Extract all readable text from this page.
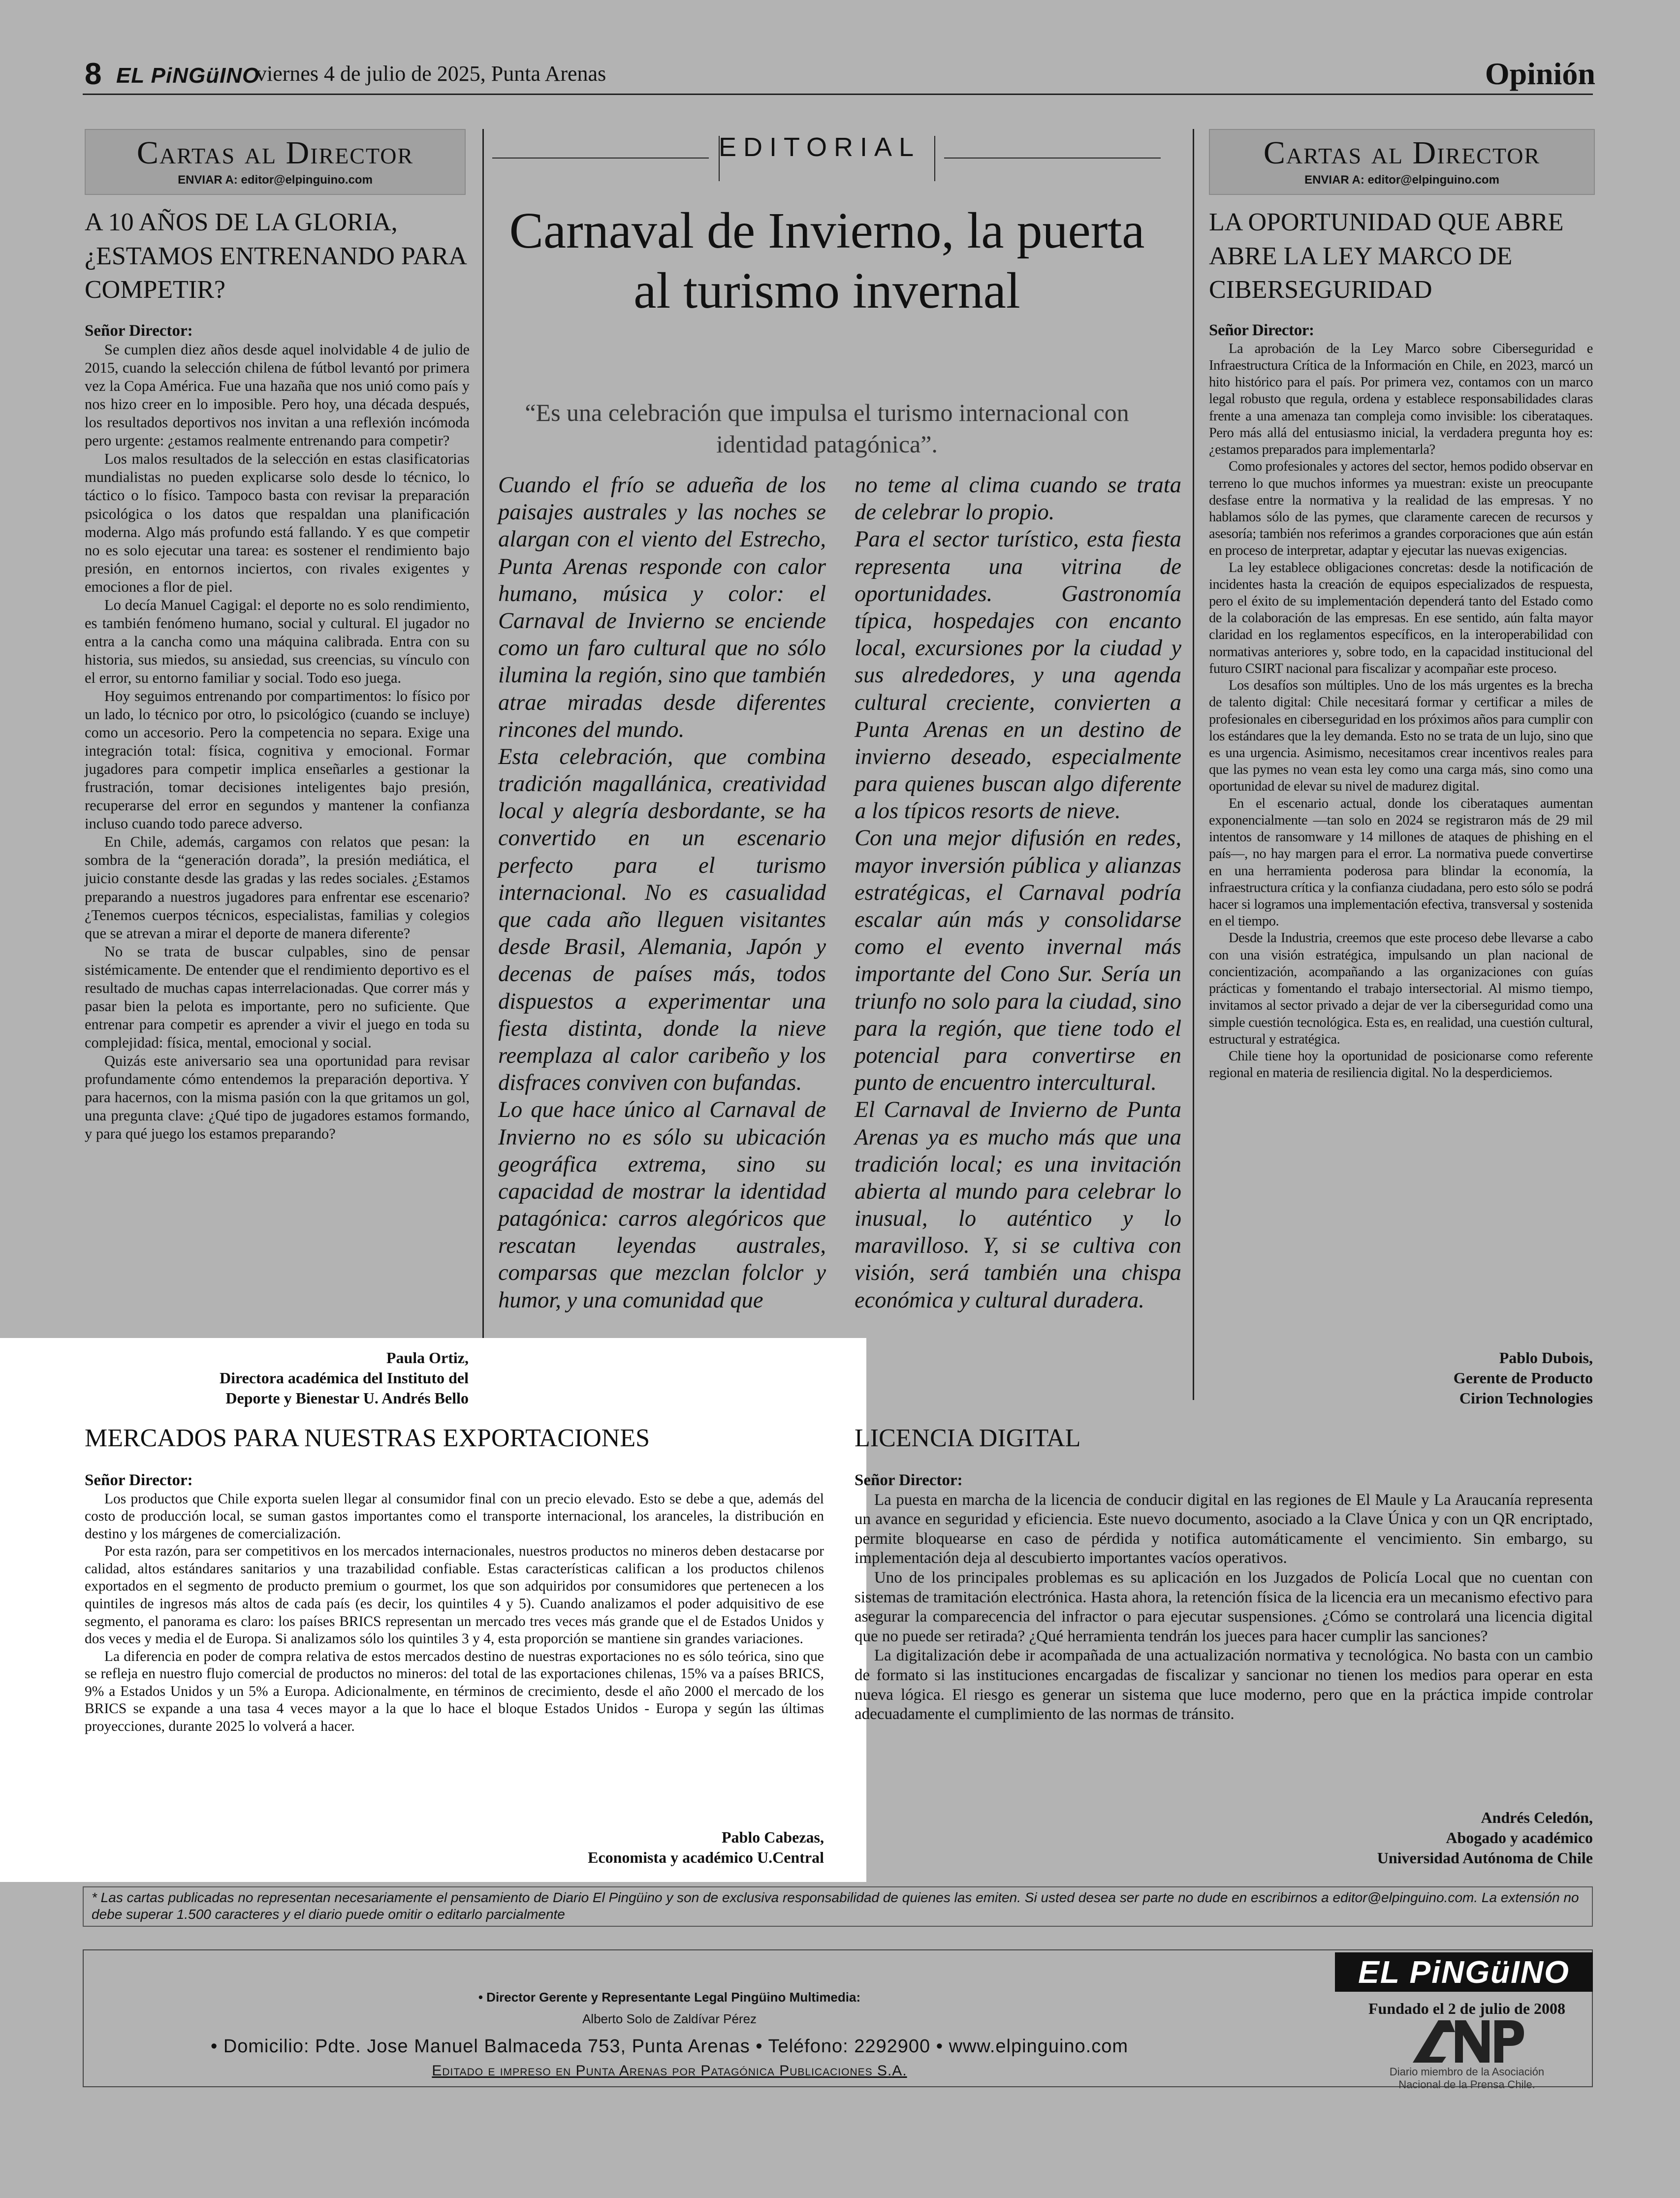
8 EL PiNGüINO
viernes 4 de julio de 2025, Punta Arenas	Opinión
Cartas al Director
ENVIAR A: editor@elpinguino.com
A 10 AÑOS DE LA GLORIA, ¿ESTAMOS ENTRENANDO PARA COMPETIR?

Señor Director:

Se cumplen diez años desde aquel inolvidable 4 de julio de 2015, cuando la selección chilena de fútbol levantó por primera vez la Copa América. Fue una hazaña que nos unió como país y nos hizo creer en lo imposible. Pero hoy, una década después, los resultados deportivos nos invitan a una reflexión incómoda pero urgente: ¿estamos realmente entrenando para competir?

Los malos resultados de la selección en estas clasificatorias mundialistas no pueden explicarse solo desde lo técnico, lo táctico o lo físico. Tampoco basta con revisar la preparación psicológica o los datos que respaldan una planificación moderna. Algo más profundo está fallando. Y es que competir no es solo ejecutar una tarea: es sostener el rendimiento bajo presión, en entornos inciertos, con rivales exigentes y emociones a flor de piel.

Lo decía Manuel Cagigal: el deporte no es solo rendimiento, es también fenómeno humano, social y cultural. El jugador no entra a la cancha como una máquina calibrada. Entra con su historia, sus miedos, su ansiedad, sus creencias, su vínculo con el error, su entorno familiar y social. Todo eso juega.

Hoy seguimos entrenando por compartimentos: lo físico por un lado, lo técnico por otro, lo psicológico (cuando se incluye) como un accesorio. Pero la competencia no separa. Exige una integración total: física, cognitiva y emocional. Formar jugadores para competir implica enseñarles a gestionar la frustración, tomar decisiones inteligentes bajo presión, recuperarse del error en segundos y mantener la confianza incluso cuando todo parece adverso.

En Chile, además, cargamos con relatos que pesan: la sombra de la “generación dorada”, la presión mediática, el juicio constante desde las gradas y las redes sociales. ¿Estamos preparando a nuestros jugadores para enfrentar ese escenario? ¿Tenemos cuerpos técnicos, especialistas, familias y colegios que se atrevan a mirar el deporte de manera diferente?

No se trata de buscar culpables, sino de pensar sistémicamente. De entender que el rendimiento deportivo es el resultado de muchas capas interrelacionadas. Que correr más y pasar bien la pelota es importante, pero no suficiente. Que entrenar para competir es aprender a vivir el juego en toda su complejidad: física, mental, emocional y social.

Quizás este aniversario sea una oportunidad para revisar profundamente cómo entendemos la preparación deportiva. Y para hacernos, con la misma pasión con la que gritamos un gol, una pregunta clave: ¿Qué tipo de jugadores estamos formando, y para qué juego los estamos preparando?

Paula Ortiz,
Directora académica del Instituto del
Deporte y Bienestar U. Andrés Bello
EDITORIAL
Carnaval de Invierno, la puerta al turismo invernal
“Es una celebración que impulsa el turismo internacional con identidad patagónica”.

Cuando el frío se adueña de los paisajes australes y las noches se alargan con el viento del Estrecho, Punta Arenas responde con calor humano, música y color: el Carnaval de Invierno se enciende como un faro cultural que no sólo ilumina la región, sino que también atrae miradas desde diferentes rincones del mundo.

Esta celebración, que combina tradición magallánica, creatividad local y alegría desbordante, se ha convertido en un escenario perfecto para el turismo internacional. No es casualidad que cada año lleguen visitantes desde Brasil, Alemania, Japón y decenas de países más, todos dispuestos a experimentar una fiesta distinta, donde la nieve reemplaza al calor caribeño y los disfraces conviven con bufandas.

Lo que hace único al Carnaval de Invierno no es sólo su ubicación geográfica extrema, sino su capacidad de mostrar la identidad patagónica: carros alegóricos que rescatan leyendas australes, comparsas que mezclan folclor y humor, y una comunidad que

no teme al clima cuando se trata de celebrar lo propio.

Para el sector turístico, esta fiesta representa una vitrina de oportunidades. Gastronomía típica, hospedajes con encanto local, excursiones por la ciudad y sus alrededores, y una agenda cultural creciente, convierten a Punta Arenas en un destino de invierno deseado, especialmente para quienes buscan algo diferente a los típicos resorts de nieve.

Con una mejor difusión en redes, mayor inversión pública y alianzas estratégicas, el Carnaval podría escalar aún más y consolidarse como el evento invernal más importante del Cono Sur. Sería un triunfo no solo para la ciudad, sino para la región, que tiene todo el potencial para convertirse en punto de encuentro intercultural.

El Carnaval de Invierno de Punta Arenas ya es mucho más que una tradición local; es una invitación abierta al mundo para celebrar lo inusual, lo auténtico y lo maravilloso. Y, si se cultiva con visión, será también una chispa económica y cultural duradera.

Cartas al Director
ENVIAR A: editor@elpinguino.com
LA OPORTUNIDAD QUE ABRE ABRE LA LEY MARCO DE CIBERSEGURIDAD

Señor Director:

La aprobación de la Ley Marco sobre Ciberseguridad e Infraestructura Crítica de la Información en Chile, en 2023, marcó un hito histórico para el país. Por primera vez, contamos con un marco legal robusto que regula, ordena y establece responsabilidades claras frente a una amenaza tan compleja como invisible: los ciberataques. Pero más allá del entusiasmo inicial, la verdadera pregunta hoy es: ¿estamos preparados para implementarla?

Como profesionales y actores del sector, hemos podido observar en terreno lo que muchos informes ya muestran: existe un preocupante desfase entre la normativa y la realidad de las empresas. Y no hablamos sólo de las pymes, que claramente carecen de recursos y asesoría; también nos referimos a grandes corporaciones que aún están en proceso de interpretar, adaptar y ejecutar las nuevas exigencias.

La ley establece obligaciones concretas: desde la notificación de incidentes hasta la creación de equipos especializados de respuesta, pero el éxito de su implementación dependerá tanto del Estado como de la colaboración de las empresas. En ese sentido, aún falta mayor claridad en los reglamentos específicos, en la interoperabilidad con normativas anteriores y, sobre todo, en la capacidad institucional del futuro CSIRT nacional para fiscalizar y acompañar este proceso.

Los desafíos son múltiples. Uno de los más urgentes es la brecha de talento digital: Chile necesitará formar y certificar a miles de profesionales en ciberseguridad en los próximos años para cumplir con los estándares que la ley demanda. Esto no se trata de un lujo, sino que es una urgencia. Asimismo, necesitamos crear incentivos reales para que las pymes no vean esta ley como una carga más, sino como una oportunidad de elevar su nivel de madurez digital.

En el escenario actual, donde los ciberataques aumentan exponencialmente —tan solo en 2024 se registraron más de 29 mil intentos de ransomware y 14 millones de ataques de phishing en el país—, no hay margen para el error. La normativa puede convertirse en una herramienta poderosa para blindar la economía, la infraestructura crítica y la confianza ciudadana, pero esto sólo se podrá hacer si logramos una implementación efectiva, transversal y sostenida en el tiempo.

Desde la Industria, creemos que este proceso debe llevarse a cabo con una visión estratégica, impulsando un plan nacional de concientización, acompañando a las organizaciones con guías prácticas y fomentando el trabajo intersectorial. Al mismo tiempo, invitamos al sector privado a dejar de ver la ciberseguridad como una simple cuestión tecnológica. Esta es, en realidad, una cuestión cultural, estructural y estratégica.

Chile tiene hoy la oportunidad de posicionarse como referente regional en materia de resiliencia digital. No la desperdiciemos.

Pablo Dubois,
Gerente de Producto
Cirion Technologies
MERCADOS PARA NUESTRAS EXPORTACIONES

Señor Director:

Los productos que Chile exporta suelen llegar al consumidor final con un precio elevado. Esto se debe a que, además del costo de producción local, se suman gastos importantes como el transporte internacional, los aranceles, la distribución en destino y los márgenes de comercialización.

Por esta razón, para ser competitivos en los mercados internacionales, nuestros productos no mineros deben destacarse por calidad, altos estándares sanitarios y una trazabilidad confiable. Estas características califican a los productos chilenos exportados en el segmento de producto premium o gourmet, los que son adquiridos por consumidores que pertenecen a los quintiles de ingresos más altos de cada país (es decir, los quintiles 4 y 5). Cuando analizamos el poder adquisitivo de ese segmento, el panorama es claro: los países BRICS representan un mercado tres veces más grande que el de Estados Unidos y dos veces y media el de Europa. Si analizamos sólo los quintiles 3 y 4, esta proporción se mantiene sin grandes variaciones.

La diferencia en poder de compra relativa de estos mercados destino de nuestras exportaciones no es sólo teórica, sino que se refleja en nuestro flujo comercial de productos no mineros: del total de las exportaciones chilenas, 15% va a países BRICS, 9% a Estados Unidos y un 5% a Europa. Adicionalmente, en términos de crecimiento, desde el año 2000 el mercado de los BRICS se expande a una tasa 4 veces mayor a la que lo hace el bloque Estados Unidos - Europa y según las últimas proyecciones, durante 2025 lo volverá a hacer.

Pablo Cabezas,
Economista y académico U.Central
LICENCIA DIGITAL

Señor Director:

La puesta en marcha de la licencia de conducir digital en las regiones de El Maule y La Araucanía representa un avance en seguridad y eficiencia. Este nuevo documento, asociado a la Clave Única y con un QR encriptado, permite bloquearse en caso de pérdida y notifica automáticamente el vencimiento. Sin embargo, su implementación deja al descubierto importantes vacíos operativos.

Uno de los principales problemas es su aplicación en los Juzgados de Policía Local que no cuentan con sistemas de tramitación electrónica. Hasta ahora, la retención física de la licencia era un mecanismo efectivo para asegurar la comparecencia del infractor o para ejecutar suspensiones. ¿Cómo se controlará una licencia digital que no puede ser retirada? ¿Qué herramienta tendrán los jueces para hacer cumplir las sanciones?

La digitalización debe ir acompañada de una actualización normativa y tecnológica. No basta con un cambio de formato si las instituciones encargadas de fiscalizar y sancionar no tienen los medios para operar en esta nueva lógica. El riesgo es generar un sistema que luce moderno, pero que en la práctica impide controlar adecuadamente el cumplimiento de las normas de tránsito.

Andrés Celedón,
Abogado y académico
Universidad Autónoma de Chile
* Las cartas publicadas no representan necesariamente el pensamiento de Diario El Pingüino y son de exclusiva responsabilidad de quienes las emiten. Si usted desea ser parte no dude en escribirnos a editor@elpinguino.com. La extensión no debe superar 1.500 caracteres y el diario puede omitir o editarlo parcialmente
• Director Gerente y Representante Legal Pingüino Multimedia:
Alberto Solo de Zaldívar Pérez
• Domicilio: Pdte. Jose Manuel Balmaceda 753, Punta Arenas • Teléfono: 2292900 • www.elpinguino.com
Editado e impreso en Punta Arenas por Patagónica Publicaciones S.A.
EL PiNGüINO
Fundado el 2 de julio de 2008
ANP
Diario miembro de la Asociación
Nacional de la Prensa Chile.
